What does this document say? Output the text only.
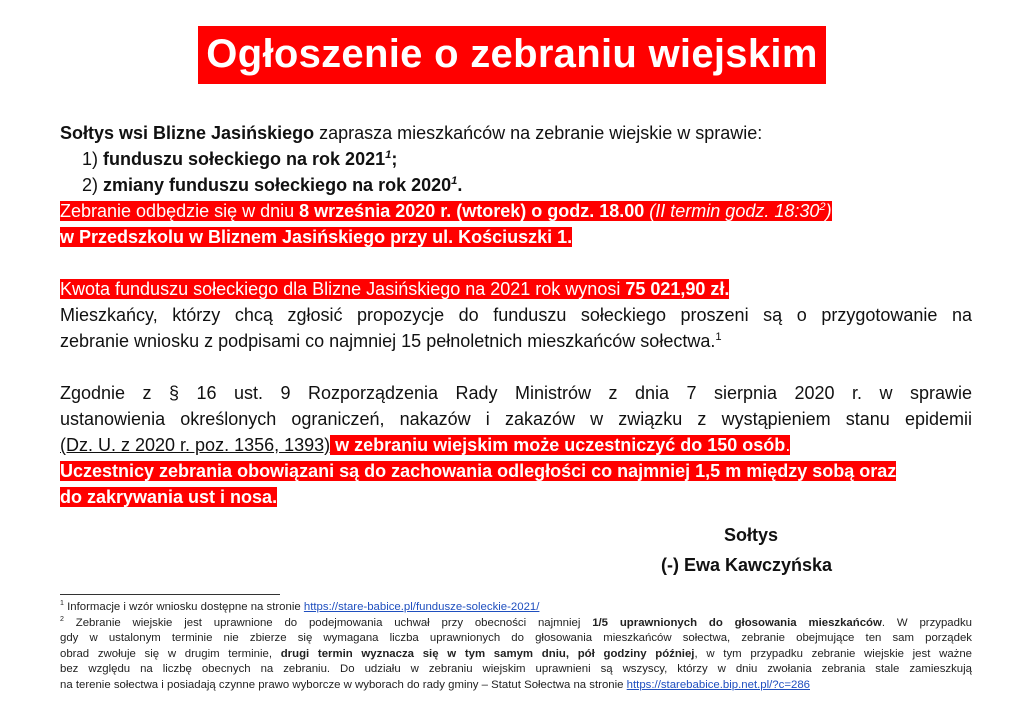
Ogłoszenie o zebraniu wiejskim
Sołtys wsi Blizne Jasińskiego zaprasza mieszkańców na zebranie wiejskie w sprawie:
1) funduszu sołeckiego na rok 2021$^1$;
2) zmiany funduszu sołeckiego na rok 2020$^1$.
Zebranie odbędzie się w dniu 8 września 2020 r. (wtorek) o godz. 18.00 (II termin godz. $18:30^2$)
w Przedszkolu w Bliznem Jasińskiego przy ul. Kościuszki 1.
Kwota funduszu sołeckiego dla Blizne Jasińskiego na 2021 rok wynosi 75 021,90 zł.
Mieszkańcy, którzy chcą zgłosić propozycje do funduszu sołeckiego proszeni są o przygotowanie na
zebranie wniosku z podpisami co najmniej 15 pełnoletnich mieszkańców sołectwa.$^1$
Zgodnie z § 16 ust. 9 Rozporządzenia Rady Ministrów z dnia 7 sierpnia 2020 r. w sprawie
ustanowienia określonych ograniczeń, nakazów i zakazów w związku z wystąpieniem stanu epidemii
(Dz. U. z 2020 r. poz. 1356, 1393) w zebraniu wiejskim może uczestniczyć do 150 osób.
Uczestnicy zebrania obowiązani są do zachowania odległości co najmniej 1,5 m między sobą oraz
do zakrywania ust i nosa.
Sołtys
(-) Ewa Kawczyńska
$^1$ Informacje i wzór wniosku dostępne na stronie https://stare-babice.pl/fundusze-soleckie-2021/
$^2$ Zebranie wiejskie jest uprawnione do podejmowania uchwał przy obecności najmniej 1/5 uprawnionych do głosowania mieszkańców. W przypadku
gdy w ustalonym terminie nie zbierze się wymagana liczba uprawnionych do głosowania mieszkańców sołectwa, zebranie obejmujące ten sam porządek
obrad zwołuje się w drugim terminie, drugi termin wyznacza się w tym samym dniu, pół godziny później, w tym przypadku zebranie wiejskie jest ważne
bez względu na liczbę obecnych na zebraniu. Do udziału w zebraniu wiejskim uprawnieni są wszyscy, którzy w dniu zwołania zebrania stale zamieszkują
na terenie sołectwa i posiadają czynne prawo wyborcze w wyborach do rady gminy – Statut Sołectwa na stronie https://starebabice.bip.net.pl/?c=286
